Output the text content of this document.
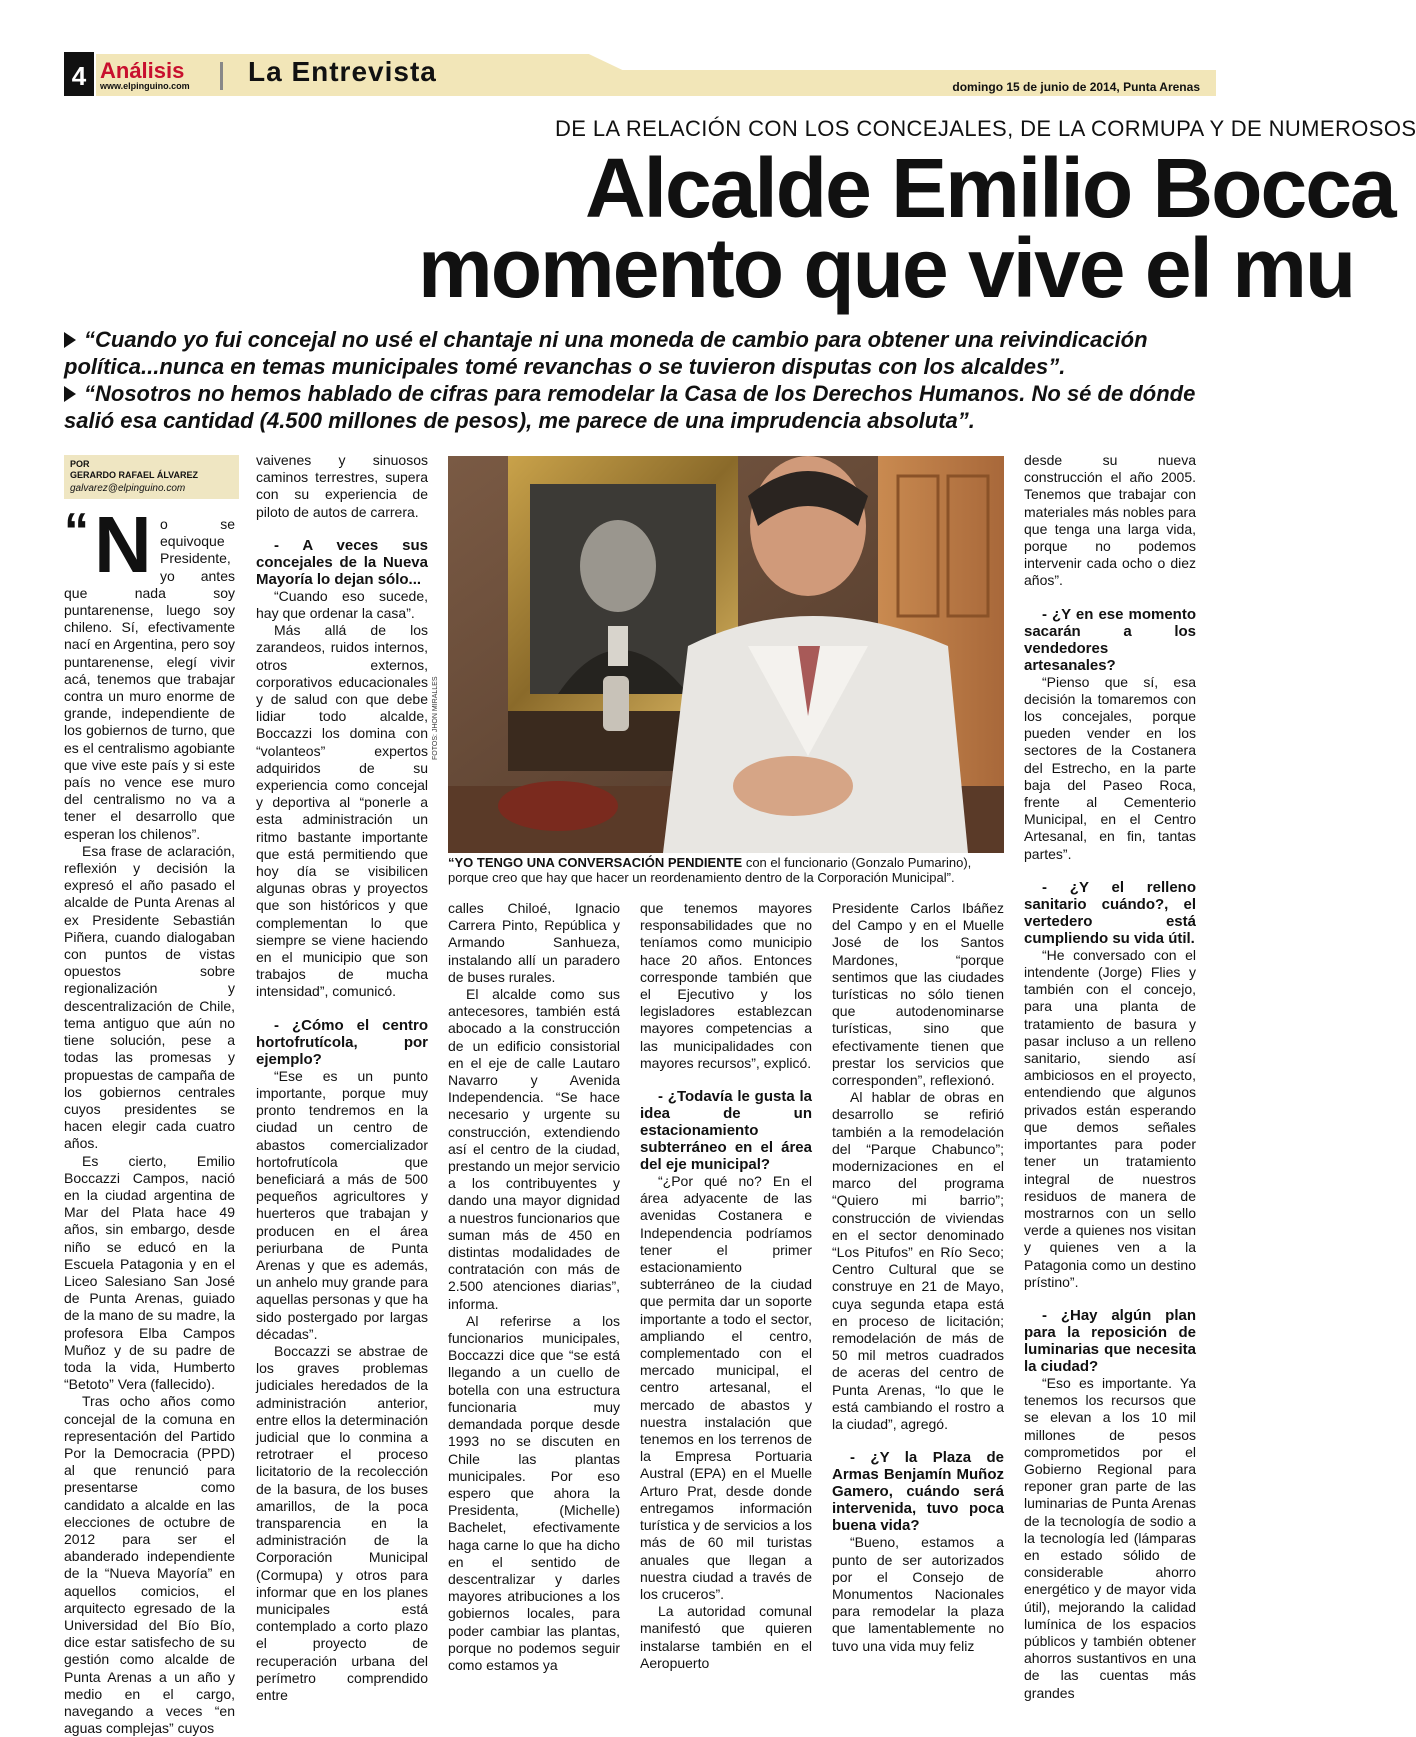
4 Análisis
www.elpinguino.com	La Entrevista	domingo 15 de junio de 2014, Punta Arenas
DE LA RELACIÓN CON LOS CONCEJALES, DE LA CORMUPA Y DE NUMEROSOS
Alcalde Emilio Bocca
momento que vive el mu
“Cuando yo fui concejal no usé el chantaje ni una moneda de cambio para obtener una reivindicación política...nunca en temas municipales tomé revanchas o se tuvieron disputas con los alcaldes”.
“Nosotros no hemos hablado de cifras para remodelar la Casa de los Derechos Humanos. No sé de dónde salió esa cantidad (4.500 millones de pesos), me parece de una imprudencia absoluta”.
POR
GERARDO RAFAEL ÁLVAREZ
galvarez@elpinguino.com
“ N o se equivoque Presidente, yo antes que nada soy puntarenense, luego soy chileno. Sí, efectivamente nací en Argentina, pero soy puntarenense, elegí vivir acá, tenemos que trabajar contra un muro enorme de grande, independiente de los gobiernos de turno, que es el centralismo agobiante que vive este país y si este país no vence ese muro del centralismo no va a tener el desarrollo que esperan los chilenos”.

Esa frase de aclaración, reflexión y decisión la expresó el año pasado el alcalde de Punta Arenas al ex Presidente Sebastián Piñera, cuando dialogaban con puntos de vistas opuestos sobre regionalización y descentralización de Chile, tema antiguo que aún no tiene solución, pese a todas las promesas y propuestas de campaña de los gobiernos centrales cuyos presidentes se hacen elegir cada cuatro años.

Es cierto, Emilio Boccazzi Campos, nació en la ciudad argentina de Mar del Plata hace 49 años, sin embargo, desde niño se educó en la Escuela Patagonia y en el Liceo Salesiano San José de Punta Arenas, guiado de la mano de su madre, la profesora Elba Campos Muñoz y de su padre de toda la vida, Humberto “Betoto” Vera (fallecido).

Tras ocho años como concejal de la comuna en representación del Partido Por la Democracia (PPD) al que renunció para presentarse como candidato a alcalde en las elecciones de octubre de 2012 para ser el abanderado independiente de la “Nueva Mayoría” en aquellos comicios, el arquitecto egresado de la Universidad del Bío Bío, dice estar satisfecho de su gestión como alcalde de Punta Arenas a un año y medio en el cargo, navegando a veces “en aguas complejas” cuyos

vaivenes y sinuosos caminos terrestres, supera con su experiencia de piloto de autos de carrera.

- A veces sus concejales de la Nueva Mayoría lo dejan sólo...

“Cuando eso sucede, hay que ordenar la casa”.

Más allá de los zarandeos, ruidos internos, otros externos, corporativos educacionales y de salud con que debe lidiar todo alcalde, Boccazzi los domina con “volanteos” expertos adquiridos de su experiencia como concejal y deportiva al “ponerle a esta administración un ritmo bastante importante que está permitiendo que hoy día se visibilicen algunas obras y proyectos que son históricos y que complementan lo que siempre se viene haciendo en el municipio que son trabajos de mucha intensidad”, comunicó.

- ¿Cómo el centro hortofrutícola, por ejemplo?

“Ese es un punto importante, porque muy pronto tendremos en la ciudad un centro de abastos comercializador hortofrutícola que beneficiará a más de 500 pequeños agricultores y huerteros que trabajan y producen en el área periurbana de Punta Arenas y que es además, un anhelo muy grande para aquellas personas y que ha sido postergado por largas décadas”.

Boccazzi se abstrae de los graves problemas judiciales heredados de la administración anterior, entre ellos la determinación judicial que lo conmina a retrotraer el proceso licitatorio de la recolección de la basura, de los buses amarillos, de la poca transparencia en la administración de la Corporación Municipal (Cormupa) y otros para informar que en los planes municipales está contemplado a corto plazo el proyecto de recuperación urbana del perímetro comprendido entre

FOTOS: JHON MIRALLES
“YO TENGO UNA CONVERSACIÓN PENDIENTE con el funcionario (Gonzalo Pumarino), porque creo que hay que hacer un reordenamiento dentro de la Corporación Municipal”.

calles Chiloé, Ignacio Carrera Pinto, República y Armando Sanhueza, instalando allí un paradero de buses rurales.

El alcalde como sus antecesores, también está abocado a la construcción de un edificio consistorial en el eje de calle Lautaro Navarro y Avenida Independencia. “Se hace necesario y urgente su construcción, extendiendo así el centro de la ciudad, prestando un mejor servicio a los contribuyentes y dando una mayor dignidad a nuestros funcionarios que suman más de 450 en distintas modalidades de contratación con más de 2.500 atenciones diarias”, informa.

Al referirse a los funcionarios municipales, Boccazzi dice que “se está llegando a un cuello de botella con una estructura funcionaria muy demandada porque desde 1993 no se discuten en Chile las plantas municipales. Por eso espero que ahora la Presidenta, (Michelle) Bachelet, efectivamente haga carne lo que ha dicho en el sentido de descentralizar y darles mayores atribuciones a los gobiernos locales, para poder cambiar las plantas, porque no podemos seguir como estamos ya

que tenemos mayores responsabilidades que no teníamos como municipio hace 20 años. Entonces corresponde también que el Ejecutivo y los legisladores establezcan mayores competencias a las municipalidades con mayores recursos”, explicó.

- ¿Todavía le gusta la idea de un estacionamiento subterráneo en el área del eje municipal?

“¿Por qué no? En el área adyacente de las avenidas Costanera e Independencia podríamos tener el primer estacionamiento subterráneo de la ciudad que permita dar un soporte importante a todo el sector, ampliando el centro, complementado con el mercado municipal, el centro artesanal, el mercado de abastos y nuestra instalación que tenemos en los terrenos de la Empresa Portuaria Austral (EPA) en el Muelle Arturo Prat, desde donde entregamos información turística y de servicios a los más de 60 mil turistas anuales que llegan a nuestra ciudad a través de los cruceros”.

La autoridad comunal manifestó que quieren instalarse también en el Aeropuerto

Presidente Carlos Ibáñez del Campo y en el Muelle José de los Santos Mardones, “porque sentimos que las ciudades turísticas no sólo tienen que autodenominarse turísticas, sino que efectivamente tienen que prestar los servicios que corresponden”, reflexionó.

Al hablar de obras en desarrollo se refirió también a la remodelación del “Parque Chabunco”; modernizaciones en el marco del programa “Quiero mi barrio”; construcción de viviendas en el sector denominado “Los Pitufos” en Río Seco; Centro Cultural que se construye en 21 de Mayo, cuya segunda etapa está en proceso de licitación; remodelación de más de 50 mil metros cuadrados de aceras del centro de Punta Arenas, “lo que le está cambiando el rostro a la ciudad”, agregó.

- ¿Y la Plaza de Armas Benjamín Muñoz Gamero, cuándo será intervenida, tuvo poca buena vida?

“Bueno, estamos a punto de ser autorizados por el Consejo de Monumentos Nacionales para remodelar la plaza que lamentablemente no tuvo una vida muy feliz

desde su nueva construcción el año 2005. Tenemos que trabajar con materiales más nobles para que tenga una larga vida, porque no podemos intervenir cada ocho o diez años”.

- ¿Y en ese momento sacarán a los vendedores artesanales?

“Pienso que sí, esa decisión la tomaremos con los concejales, porque pueden vender en los sectores de la Costanera del Estrecho, en la parte baja del Paseo Roca, frente al Cementerio Municipal, en el Centro Artesanal, en fin, tantas partes”.

- ¿Y el relleno sanitario cuándo?, el vertedero está cumpliendo su vida útil.

“He conversado con el intendente (Jorge) Flies y también con el concejo, para una planta de tratamiento de basura y pasar incluso a un relleno sanitario, siendo así ambiciosos en el proyecto, entendiendo que algunos privados están esperando que demos señales importantes para poder tener un tratamiento integral de nuestros residuos de manera de mostrarnos con un sello verde a quienes nos visitan y quienes ven a la Patagonia como un destino prístino”.

- ¿Hay algún plan para la reposición de luminarias que necesita la ciudad?

“Eso es importante. Ya tenemos los recursos que se elevan a los 10 mil millones de pesos comprometidos por el Gobierno Regional para reponer gran parte de las luminarias de Punta Arenas de la tecnología de sodio a la tecnología led (lámparas en estado sólido de considerable ahorro energético y de mayor vida útil), mejorando la calidad lumínica de los espacios públicos y también obtener ahorros sustantivos en una de las cuentas más grandes
